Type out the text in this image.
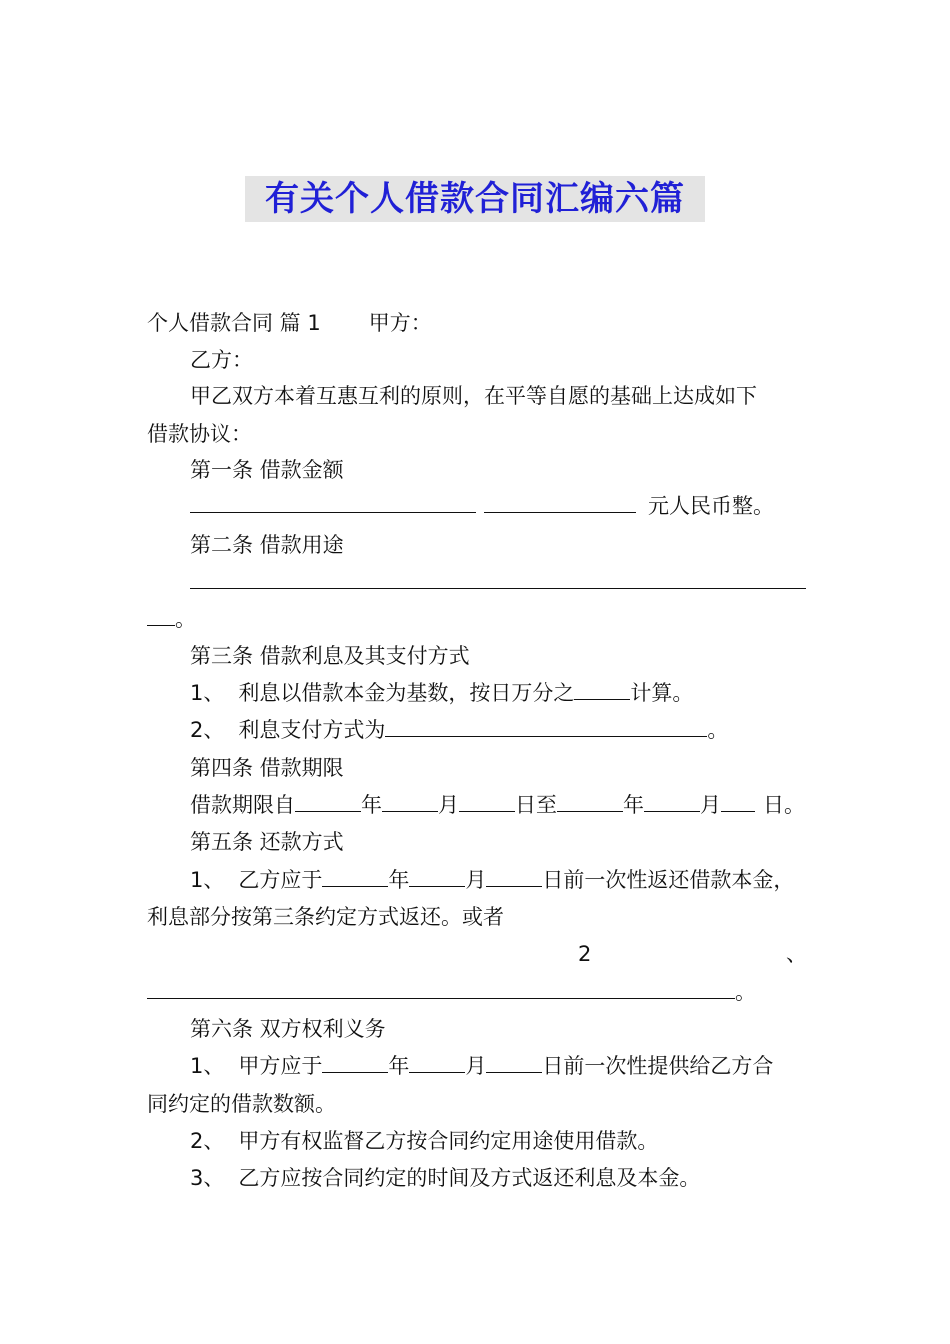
有关个人借款合同汇编六篇
个人借款合同 篇 1 甲方：
乙方：
甲乙双方本着互惠互利的原则，在平等自愿的基础上达成如下
借款协议：
第一条 借款金额
元人民币整。
第二条 借款用途
。
第三条 借款利息及其支付方式
1、 利息以借款本金为基数，按日万分之	计算。
2、 利息支付方式为	。
第四条 借款期限
借款期限自	年	月	日至	年	月 日。
第五条 还款方式
1、 乙方应于	年	月	日前一次性返还借款本金，
利息部分按第三条约定方式返还。或者
2	、
。
第六条 双方权利义务
1、 甲方应于	年	月	日前一次性提供给乙方合
同约定的借款数额。
2、 甲方有权监督乙方按合同约定用途使用借款。
3、 乙方应按合同约定的时间及方式返还利息及本金。
